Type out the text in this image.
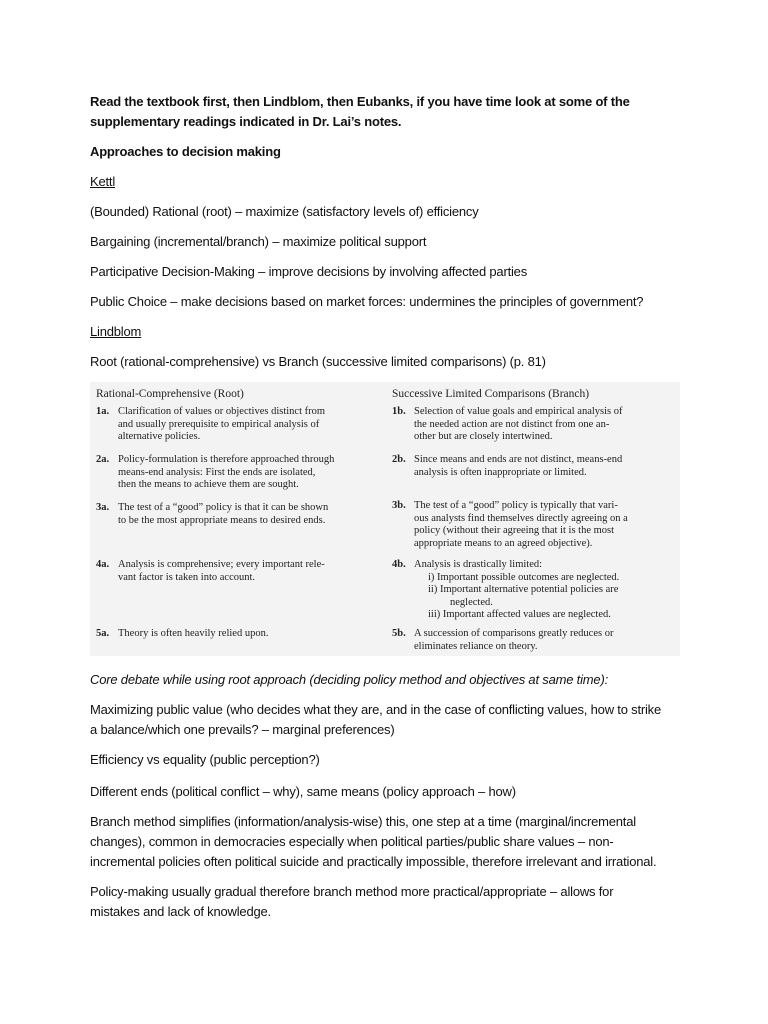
Read the textbook first, then Lindblom, then Eubanks, if you have time look at some of the
supplementary readings indicated in Dr. Lai’s notes.
Approaches to decision making
Kettl
(Bounded) Rational (root) – maximize (satisfactory levels of) efficiency
Bargaining (incremental/branch) – maximize political support
Participative Decision-Making – improve decisions by involving affected parties
Public Choice – make decisions based on market forces: undermines the principles of government?
Lindblom
Root (rational-comprehensive) vs Branch (successive limited comparisons) (p. 81)
Rational-Comprehensive (Root)
1a. Clarification of values or objectives distinct from
and usually prerequisite to empirical analysis of
alternative policies.
2a. Policy-formulation is therefore approached through
means-end analysis: First the ends are isolated,
then the means to achieve them are sought.
3a. The test of a “good” policy is that it can be shown
to be the most appropriate means to desired ends.
4a. Analysis is comprehensive; every important rele-
vant factor is taken into account.
5a. Theory is often heavily relied upon.
Successive Limited Comparisons (Branch)
1b. Selection of value goals and empirical analysis of
the needed action are not distinct from one an-
other but are closely intertwined.
2b. Since means and ends are not distinct, means-end
analysis is often inappropriate or limited.
3b. The test of a “good” policy is typically that vari-
ous analysts find themselves directly agreeing on a
policy (without their agreeing that it is the most
appropriate means to an agreed objective).
4b. Analysis is drastically limited:
i) Important possible outcomes are neglected.
ii) Important alternative potential policies are
neglected.
iii) Important affected values are neglected.
5b. A succession of comparisons greatly reduces or
eliminates reliance on theory.
Core debate while using root approach (deciding policy method and objectives at same time):
Maximizing public value (who decides what they are, and in the case of conflicting values, how to strike
a balance/which one prevails? – marginal preferences)
Efficiency vs equality (public perception?)
Different ends (political conflict – why), same means (policy approach – how)
Branch method simplifies (information/analysis-wise) this, one step at a time (marginal/incremental
changes), common in democracies especially when political parties/public share values – non-
incremental policies often political suicide and practically impossible, therefore irrelevant and irrational.
Policy-making usually gradual therefore branch method more practical/appropriate – allows for
mistakes and lack of knowledge.
